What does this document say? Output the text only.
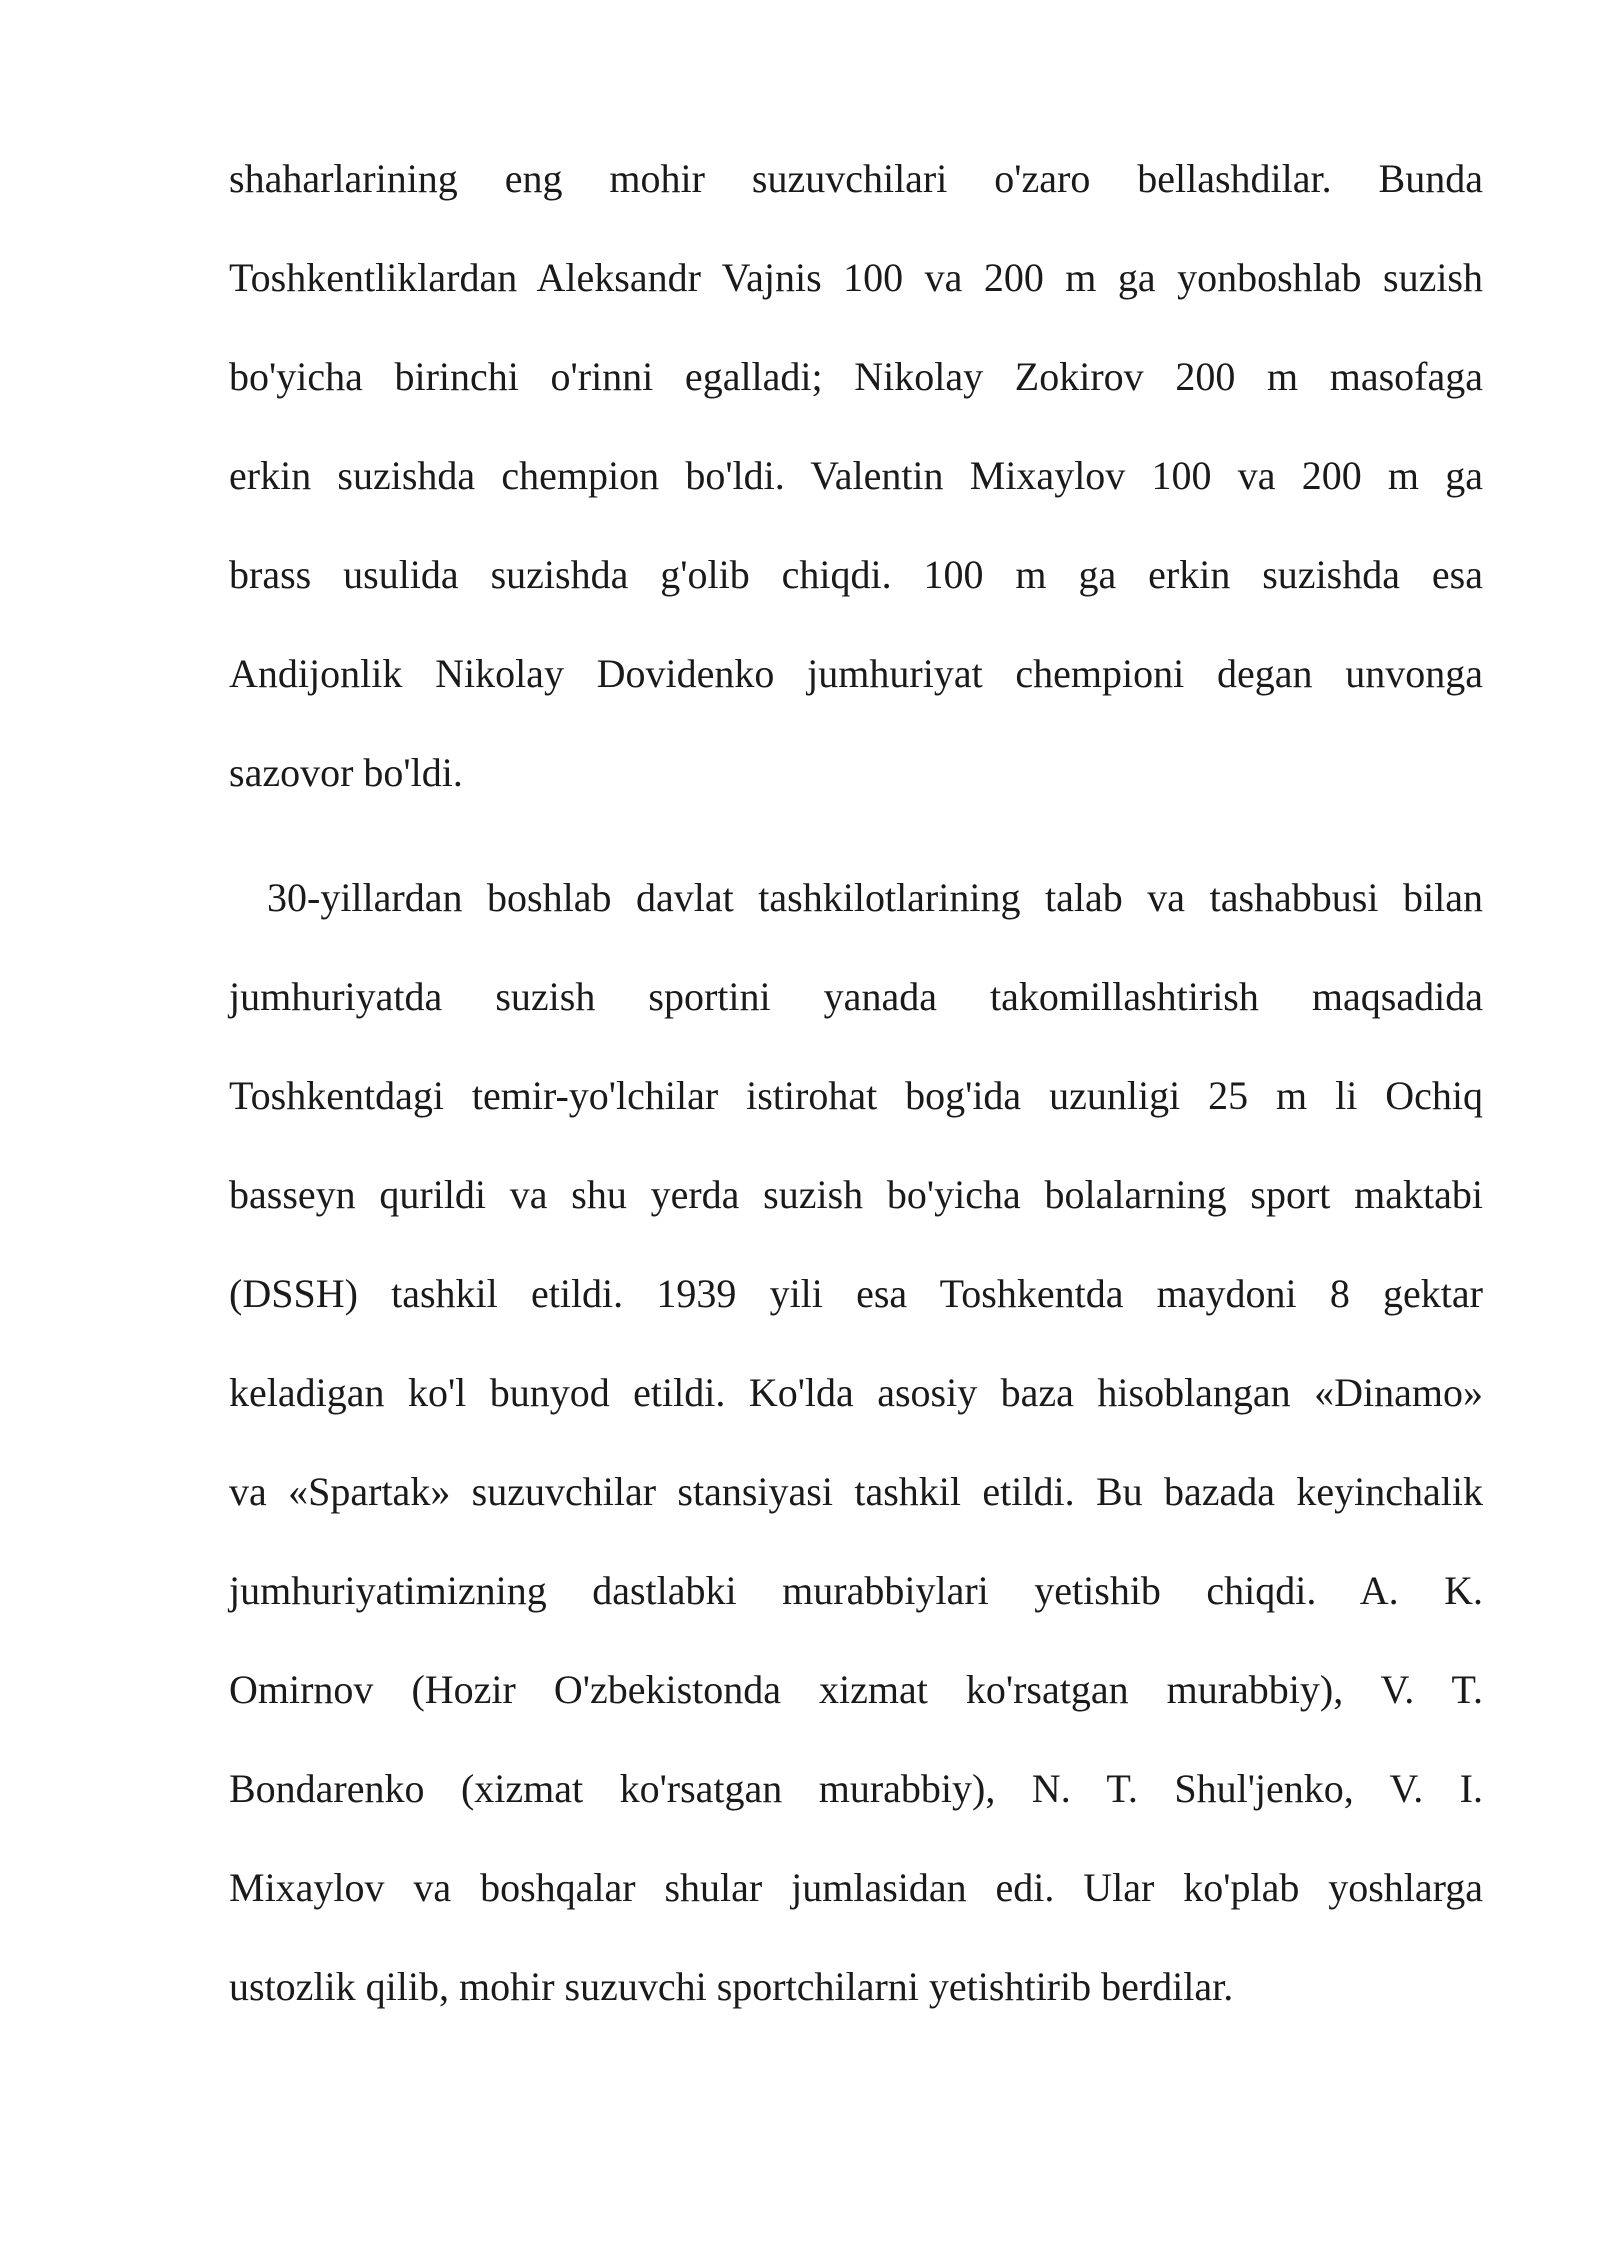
shaharlarining eng mohir suzuvchilari o'zaro bellashdilar. Bunda
Toshkentliklardan Aleksandr Vajnis 100 va 200 m ga yonboshlab suzish
bo'yicha birinchi o'rinni egalladi; Nikolay Zokirov 200 m masofaga
erkin suzishda chempion bo'ldi. Valentin Mixaylov 100 va 200 m ga
brass usulida suzishda g'olib chiqdi. 100 m ga erkin suzishda esa
Andijonlik Nikolay Dovidenko jumhuriyat chempioni degan unvonga
sazovor bo'ldi.
30-yillardan boshlab davlat tashkilotlarining talab va tashabbusi bilan
jumhuriyatda suzish sportini yanada takomillashtirish maqsadida
Toshkentdagi temir-yo'lchilar istirohat bog'ida uzunligi 25 m li Ochiq
basseyn qurildi va shu yerda suzish bo'yicha bolalarning sport maktabi
(DSSH) tashkil etildi. 1939 yili esa Toshkentda maydoni 8 gektar
keladigan ko'l bunyod etildi. Ko'lda asosiy baza hisoblangan «Dinamo»
va «Spartak» suzuvchilar stansiyasi tashkil etildi. Bu bazada keyinchalik
jumhuriyatimizning dastlabki murabbiylari yetishib chiqdi. A. K.
Omirnov (Hozir O'zbekistonda xizmat ko'rsatgan murabbiy), V. T.
Bondarenko (xizmat ko'rsatgan murabbiy), N. T. Shul'jenko, V. I.
Mixaylov va boshqalar shular jumlasidan edi. Ular ko'plab yoshlarga
ustozlik qilib, mohir suzuvchi sportchilarni yetishtirib berdilar.
